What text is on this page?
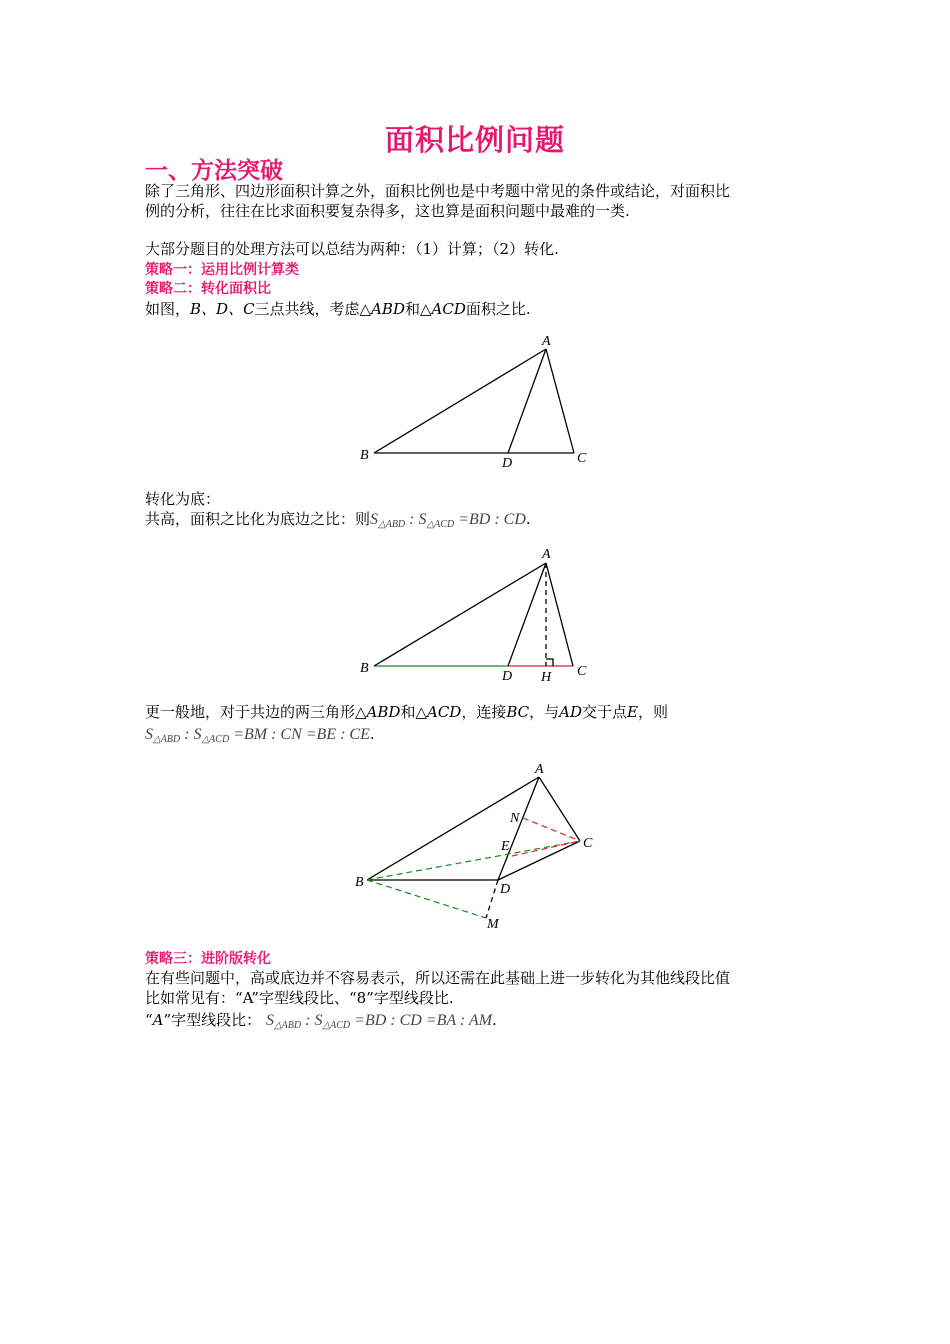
面积比例问题
一、方法突破
除了三角形、四边形面积计算之外，面积比例也是中考题中常见的条件或结论，对面积比
例的分析，往往在比求面积要复杂得多，这也算是面积问题中最难的一类.
大部分题目的处理方法可以总结为两种：（1）计算；（2）转化.
策略一：运用比例计算类
策略二：转化面积比
如图，B、D、C三点共线，考虑△ABD和△ACD面积之比.
A
B	C
D
转化为底：
共高，面积之比化为底边之比：则$S_{\triangle ABD}$ : $S_{\triangle ACD} =BD$ : CD.
A
B	C
D H
更一般地，对于共边的两三角形△ABD和△ACD，连接BC，与AD交于点E，则
$S_{\triangle ABD}$ : $S_{\triangle ACD} =BM$ : CN =BE : CE.
A
B
C
D
E
M
N
策略三：进阶版转化
在有些问题中，高或底边并不容易表示，所以还需在此基础上进一步转化为其他线段比值
比如常见有：“A”字型线段比、“8”字型线段比.
“A”字型线段比： $S_{\triangle ABD}$ : $S_{\triangle ACD} =BD$ : CD =BA : AM.
